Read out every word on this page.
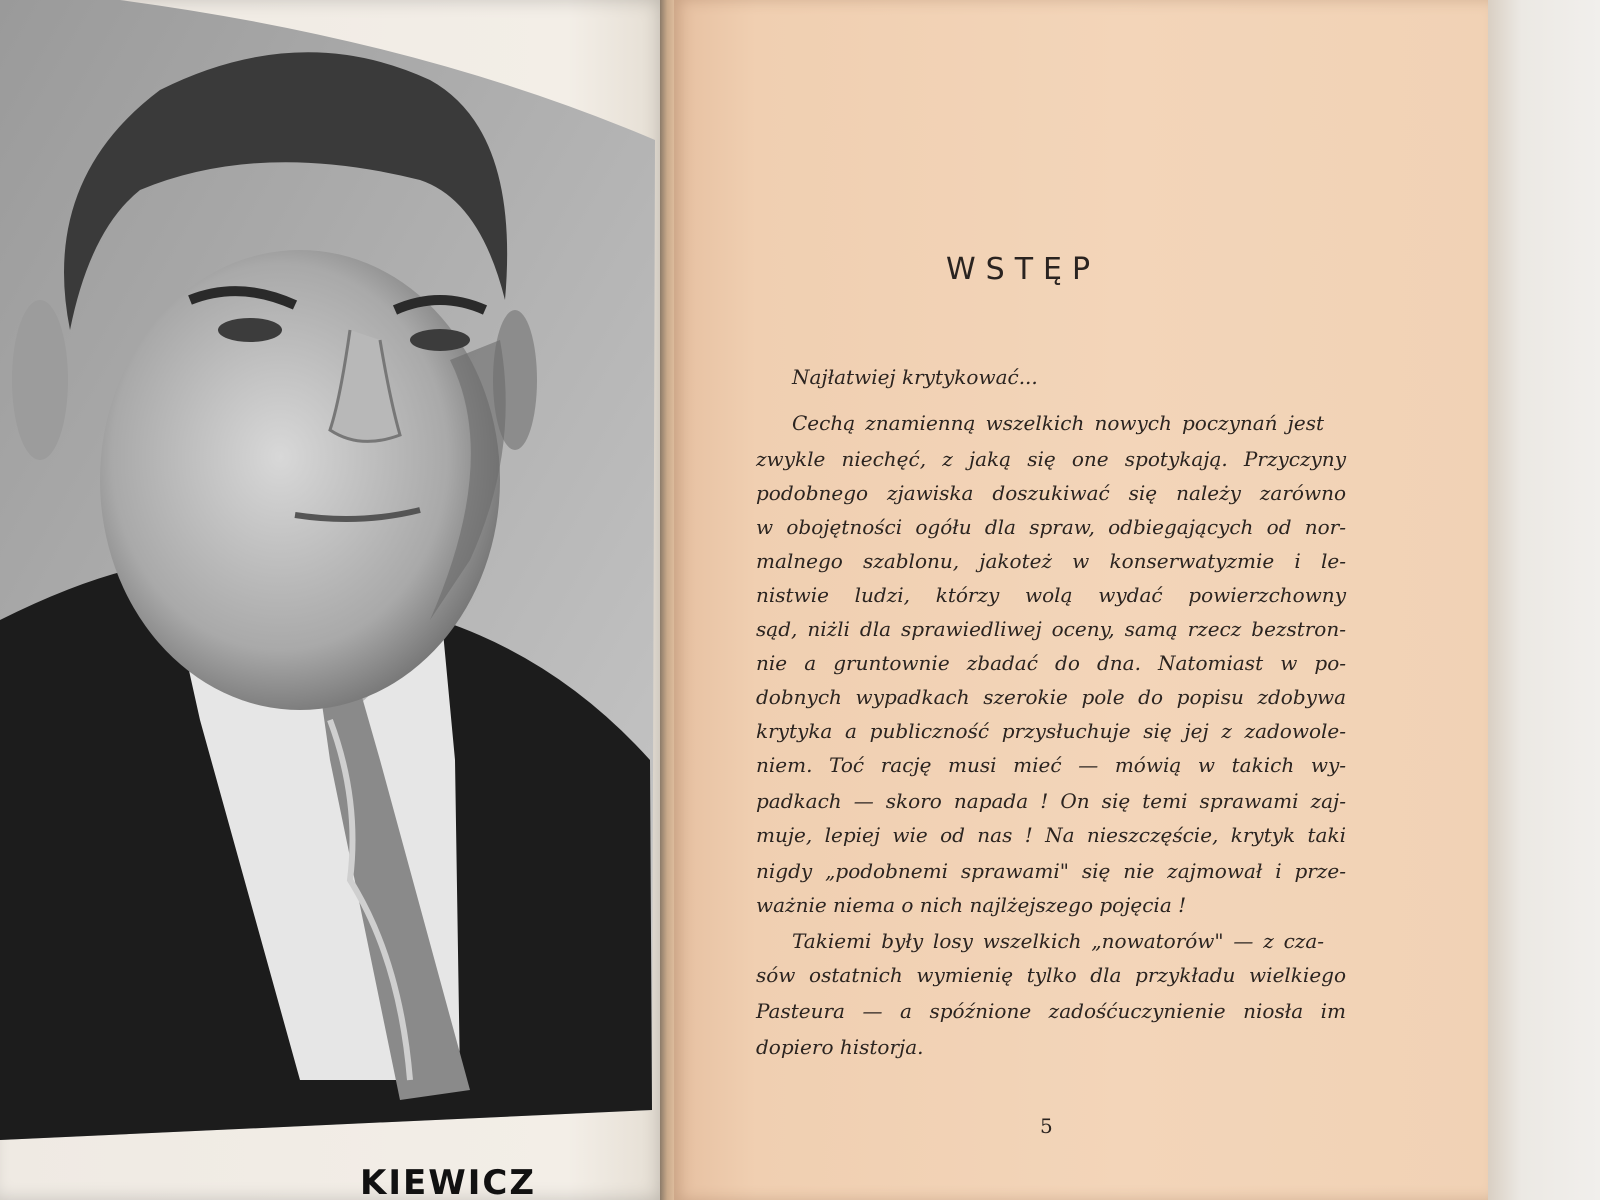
KIEWICZ
WSTĘP
Najłatwiej krytykować...
Cechą znamienną wszelkich nowych poczynań jest
zwykle niechęć, z jaką się one spotykają. Przyczyny
podobnego zjawiska doszukiwać się należy zarówno
w obojętności ogółu dla spraw, odbiegających od nor-
malnego szablonu, jakoteż w konserwatyzmie i le-
nistwie ludzi, którzy wolą wydać powierzchowny
sąd, niżli dla sprawiedliwej oceny, samą rzecz bezstron-
nie a gruntownie zbadać do dna. Natomiast w po-
dobnych wypadkach szerokie pole do popisu zdobywa
krytyka a publiczność przysłuchuje się jej z zadowole-
niem. Toć rację musi mieć — mówią w takich wy-
padkach — skoro napada ! On się temi sprawami zaj-
muje, lepiej wie od nas ! Na nieszczęście, krytyk taki
nigdy „podobnemi sprawami" się nie zajmował i prze-
ważnie niema o nich najlżejszego pojęcia !
Takiemi były losy wszelkich „nowatorów" — z cza-
sów ostatnich wymienię tylko dla przykładu wielkiego
Pasteura — a spóźnione zadośćuczynienie niosła im
dopiero historja.
5
